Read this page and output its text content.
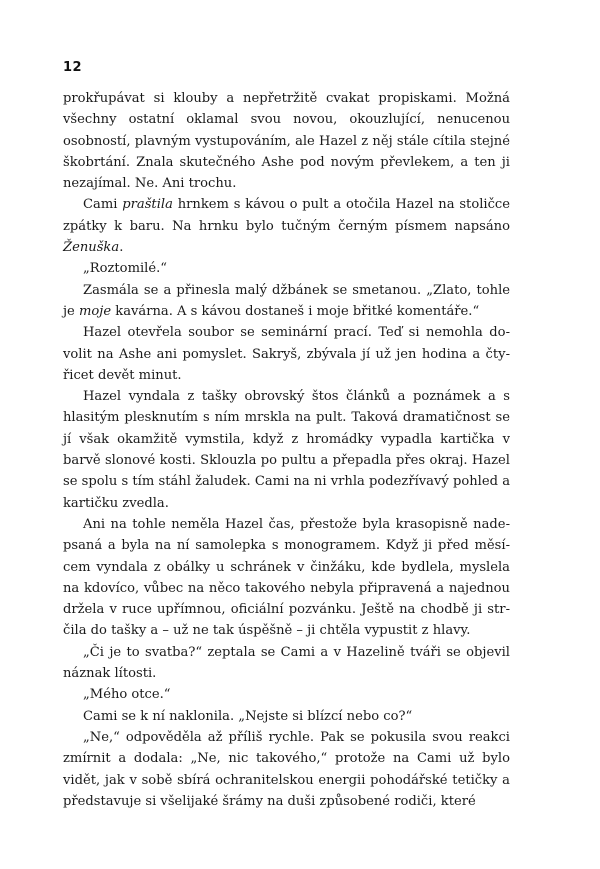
12

prokřupávat si klouby a nepřetržitě cvakat propiskami. Možná všechny ostatní oklamal svou novou, okouzlující, nenucenou osobností, plavným vystupováním, ale Hazel z něj stále cítila stejné škobrtání. Znala skutečného Ashe pod novým převlekem, a ten ji nezajímal. Ne. Ani trochu.

Cami praštila hrnkem s kávou o pult a otočila Hazel na stoličce zpátky k baru. Na hrnku bylo tučným černým písmem napsáno Ženuška.

„Roztomilé.“

Zasmála se a přinesla malý džbánek se smetanou. „Zlato, tohle je moje kavárna. A s kávou dostaneš i moje břitké komentáře.“

Hazel otevřela soubor se seminární prací. Teď si nemohla dovolit na Ashe ani pomyslet. Sakryš, zbývala jí už jen hodina a čtyřicet devět minut.

Hazel vyndala z tašky obrovský štos článků a poznámek a s hlasitým plesknutím s ním mrskla na pult. Taková dramatičnost se jí však okamžitě vymstila, když z hromádky vypadla kartička v barvě slonové kosti. Sklouzla po pultu a přepadla přes okraj. Hazel se spolu s tím stáhl žaludek. Cami na ni vrhla podezřívavý pohled a kartičku zvedla.

Ani na tohle neměla Hazel čas, přestože byla krasopisně nadepsaná a byla na ní samolepka s monogramem. Když ji před měsícem vyndala z obálky u schránek v činžáku, kde bydlela, myslela na kdovíco, vůbec na něco takového nebyla připravená a najednou držela v ruce upřímnou, oficiální pozvánku. Ještě na chodbě ji strčila do tašky a – už ne tak úspěšně – ji chtěla vypustit z hlavy.

„Či je to svatba?“ zeptala se Cami a v Hazelině tváři se objevil náznak lítosti.

„Mého otce.“

Cami se k ní naklonila. „Nejste si blízcí nebo co?“

„Ne,“ odpověděla až příliš rychle. Pak se pokusila svou reakci zmírnit a dodala: „Ne, nic takového,“ protože na Cami už bylo vidět, jak v sobě sbírá ochranitelskou energii pohodářské tetičky a představuje si všelijaké šrámy na duši způsobené rodiči, které
